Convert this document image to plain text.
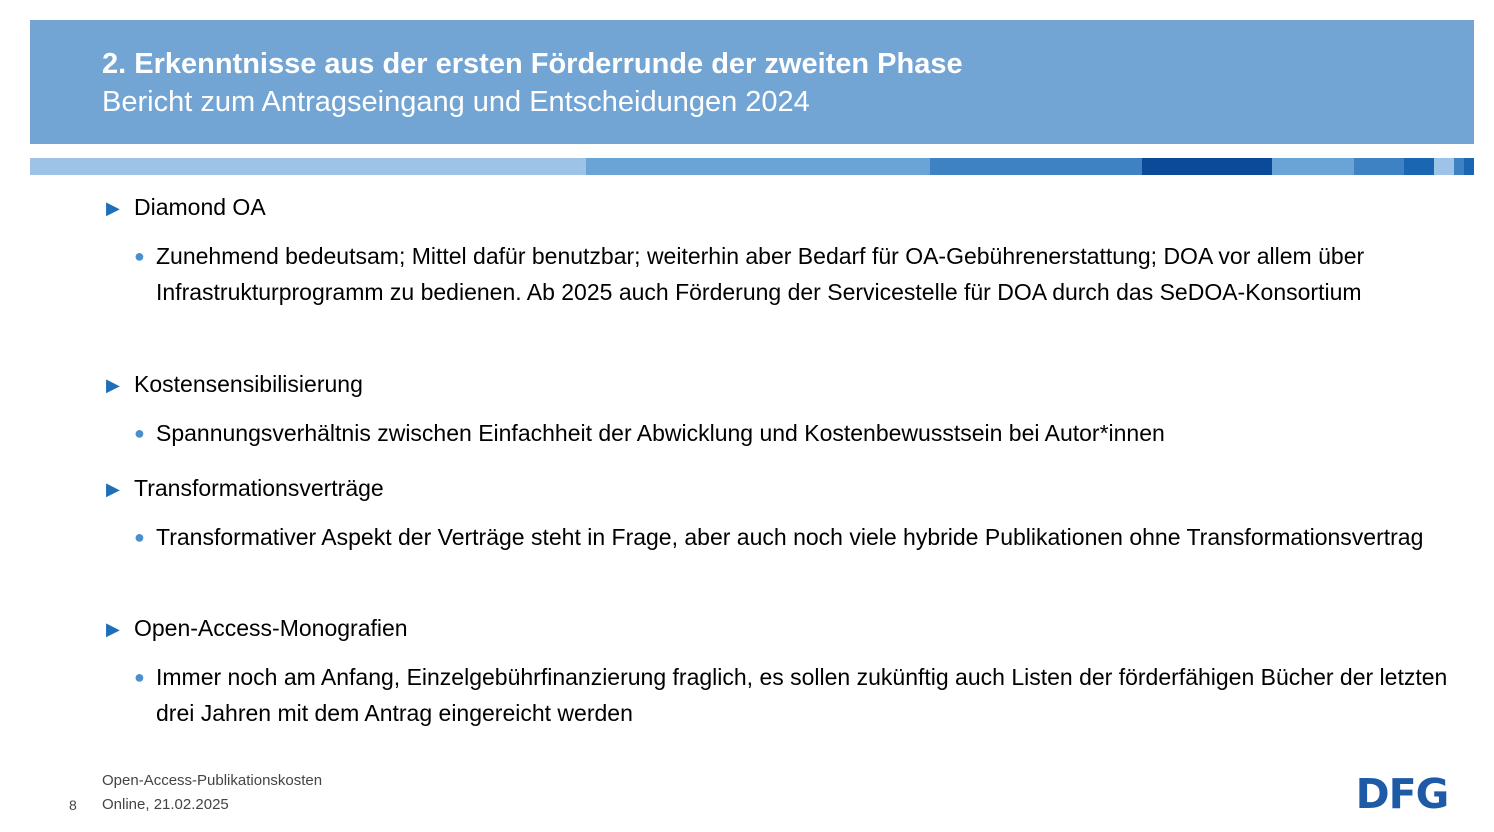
2. Erkenntnisse aus der ersten Förderrunde der zweiten Phase
Bericht zum Antragseingang und Entscheidungen 2024
▶ Diamond OA
● Zunehmend bedeutsam; Mittel dafür benutzbar; weiterhin aber Bedarf für OA-Gebührenerstattung; DOA vor allem über Infrastrukturprogramm zu bedienen. Ab 2025 auch Förderung der Servicestelle für DOA durch das SeDOA-Konsortium
▶ Kostensensibilisierung
● Spannungsverhältnis zwischen Einfachheit der Abwicklung und Kostenbewusstsein bei Autor*innen
▶ Transformationsverträge
● Transformativer Aspekt der Verträge steht in Frage, aber auch noch viele hybride Publikationen ohne Transformationsvertrag
▶ Open-Access-Monografien
● Immer noch am Anfang, Einzelgebührfinanzierung fraglich, es sollen zukünftig auch Listen der förderfähigen Bücher der letzten drei Jahren mit dem Antrag eingereicht werden
8
Open-Access-Publikationskosten
Online, 21.02.2025	DFG
